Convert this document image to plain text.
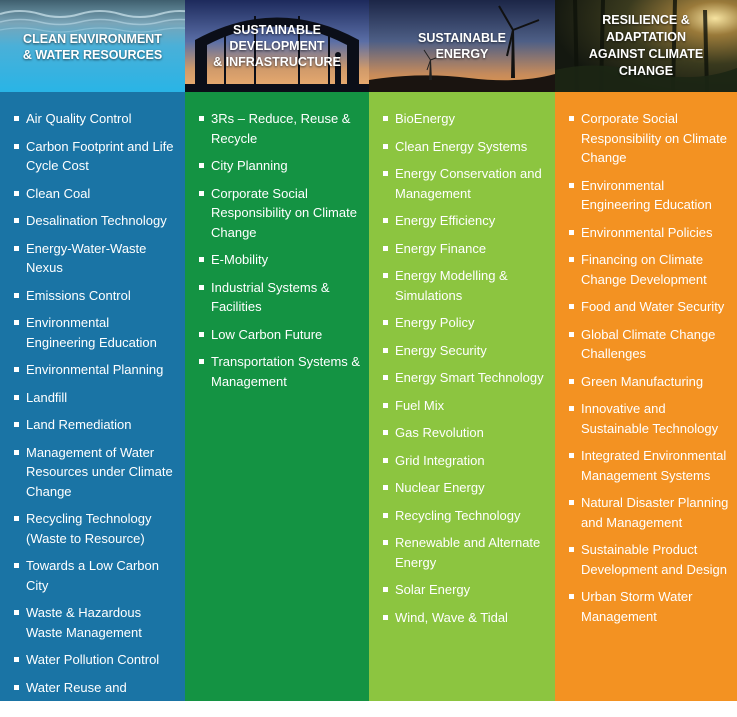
CLEAN ENVIRONMENT
& WATER RESOURCES
Air Quality Control
Carbon Footprint and Life Cycle Cost
Clean Coal
Desalination Technology
Energy-Water-Waste Nexus
Emissions Control
Environmental Engineering Education
Environmental Planning
Landfill
Land Remediation
Management of Water Resources under Climate Change
Recycling Technology (Waste to Resource)
Towards a Low Carbon City
Waste & Hazardous Waste Management
Water Pollution Control
Water Reuse and Management
SUSTAINABLE DEVELOPMENT
& INFRASTRUCTURE
3Rs – Reduce, Reuse & Recycle
City Planning
Corporate Social Responsibility on Climate Change
E-Mobility
Industrial Systems & Facilities
Low Carbon Future
Transportation Systems & Management
SUSTAINABLE
ENERGY
BioEnergy
Clean Energy Systems
Energy Conservation and Management
Energy Efficiency
Energy Finance
Energy Modelling & Simulations
Energy Policy
Energy Security
Energy Smart Technology
Fuel Mix
Gas Revolution
Grid Integration
Nuclear Energy
Recycling Technology
Renewable and Alternate Energy
Solar Energy
Wind, Wave & Tidal
RESILIENCE &
ADAPTATION
AGAINST CLIMATE
CHANGE
Corporate Social Responsibility on Climate Change
Environmental Engineering Education
Environmental Policies
Financing on Climate Change Development
Food and Water Security
Global Climate Change Challenges
Green Manufacturing
Innovative and Sustainable Technology
Integrated Environmental Management Systems
Natural Disaster Planning and Management
Sustainable Product Development and Design
Urban Storm Water Management
